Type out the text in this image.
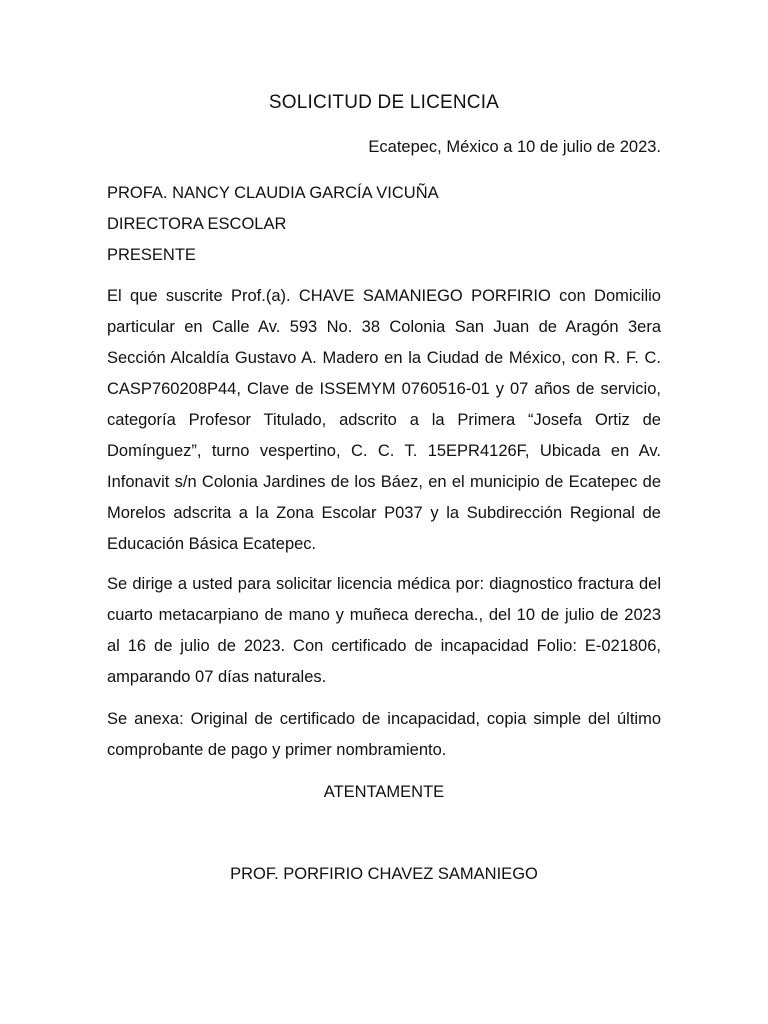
SOLICITUD DE LICENCIA

Ecatepec, México a 10 de julio de 2023.

PROFA. NANCY CLAUDIA GARCÍA VICUÑA
DIRECTORA ESCOLAR
PRESENTE

El que suscrite Prof.(a). CHAVE SAMANIEGO PORFIRIO con Domicilio particular en Calle Av. 593 No. 38 Colonia San Juan de Aragón 3era Sección Alcaldía Gustavo A. Madero en la Ciudad de México, con R. F. C. CASP760208P44, Clave de ISSEMYM 0760516-01 y 07 años de servicio, categoría Profesor Titulado, adscrito a la Primera “Josefa Ortiz de Domínguez”, turno vespertino, C. C. T. 15EPR4126F, Ubicada en Av. Infonavit s/n Colonia Jardines de los Báez, en el municipio de Ecatepec de Morelos adscrita a la Zona Escolar P037 y la Subdirección Regional de Educación Básica Ecatepec.

Se dirige a usted para solicitar licencia médica por: diagnostico fractura del cuarto metacarpiano de mano y muñeca derecha., del 10 de julio de 2023 al 16 de julio de 2023. Con certificado de incapacidad Folio: E-021806, amparando 07 días naturales.

Se anexa: Original de certificado de incapacidad, copia simple del último comprobante de pago y primer nombramiento.

ATENTAMENTE

PROF. PORFIRIO CHAVEZ SAMANIEGO
